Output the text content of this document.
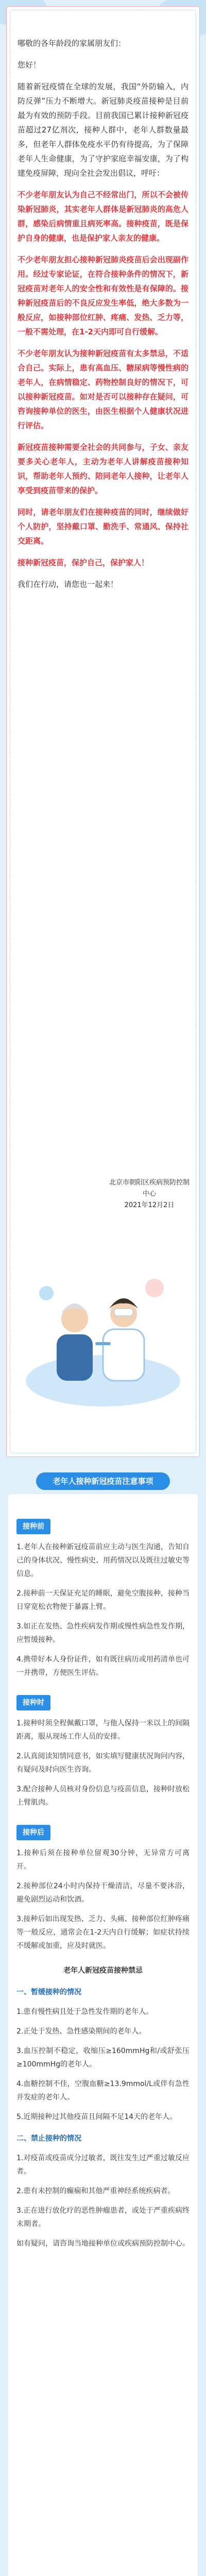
哪敬的各年龄段的家属朋友们：

您好！

随着新冠疫情在全球的发展，我国“外防输入，内防反弹”压力不断增大。新冠肺炎疫苗接种是目前最为有效的预防手段。目前我国已累计接种新冠疫苗超过27亿剂次，接种人群中，老年人群数量最多，但老年人群体免疫水平仍有待提高，为了保障老年人生命健康，为了守护家庭幸福安康，为了构建免疫屏障，现向全社会发出倡议，呼吁：

不少老年朋友认为自己不经常出门，所以不会被传染新冠肺炎，其实老年人群体是新冠肺炎的高危人群，感染后病情重且病死率高。接种疫苗，既是保护自身的健康，也是保护家人亲友的健康。

不少老年朋友担心接种新冠肺炎疫苗后会出现副作用。经过专家论证，在符合接种条件的情况下，新冠疫苗对老年人的安全性和有效性是有保障的。接种新冠疫苗后的不良反应发生率低，绝大多数为一般反应，如接种部位红肿、疼痛、发热、乏力等，一般不需处理，在1-2天内即可自行缓解。

不少老年朋友认为接种新冠疫苗有太多禁忌，不适合自己。实际上，患有高血压、糖尿病等慢性病的老年人，在病情稳定、药物控制良好的情况下，可以接种新冠疫苗。如对是否可以接种存在疑问，可咨询接种单位的医生，由医生根据个人健康状况进行评估。

新冠疫苗接种需要全社会的共同参与，子女、亲友要多关心老年人，主动为老年人讲解疫苗接种知识，帮助老年人预约、陪同老年人接种，让老年人享受到疫苗带来的保护。

同时，请老年朋友们在接种疫苗的同时，继续做好个人防护，坚持戴口罩、勤洗手、常通风、保持社交距离。

接种新冠疫苗，保护自己，保护家人！

我们在行动，请您也一起来！

北京市朝阳区疾病预防控制中心
2021年12月2日
老年人接种新冠疫苗注意事项
接种前

1.老年人在接种新冠疫苗前应主动与医生沟通，告知自己的身体状况、慢性病史、用药情况以及既往过敏史等信息。

2.接种前一天保证充足的睡眠，避免空腹接种，接种当日穿宽松衣物便于暴露上臂。

3.如正在发热、急性疾病发作期或慢性病急性发作期，应暂缓接种。

4.携带好本人身份证件，如有既往病历或用药清单也可一并携带，方便医生评估。

接种时

1.接种时须全程佩戴口罩，与他人保持一米以上的间隔距离，服从现场工作人员的安排。

2.认真阅读知情同意书，如实填写健康状况询问内容，有疑问及时向医生咨询。

3.配合接种人员核对身份信息与疫苗信息，接种时放松上臂肌肉。

接种后

1.接种后须在接种单位留观30分钟，无异常方可离开。

2.接种部位24小时内保持干燥清洁，尽量不要沐浴，避免剧烈运动和饮酒。

3.接种后如出现发热、乏力、头痛、接种部位红肿疼痛等一般反应，通常会在1-2天内自行缓解；如症状持续不缓解或加重，应及时就医。

老年人新冠疫苗接种禁忌
一、暂缓接种的情况

1.患有慢性病且处于急性发作期的老年人。

2.正处于发热、急性感染期间的老年人。

3.血压控制不稳定，收缩压≥160mmHg和/或舒张压≥100mmHg的老年人。

4.血糖控制不佳，空腹血糖≥13.9mmol/L或伴有急性并发症的老年人。

5.近期接种过其他疫苗且间隔不足14天的老年人。

二、禁止接种的情况

1.对疫苗或疫苗成分过敏者，既往发生过严重过敏反应者。

2.患有未控制的癫痫和其他严重神经系统疾病者。

3.正在进行放化疗的恶性肿瘤患者，或处于严重疾病终末期者。

如有疑问，请咨询当地接种单位或疾病预防控制中心。
